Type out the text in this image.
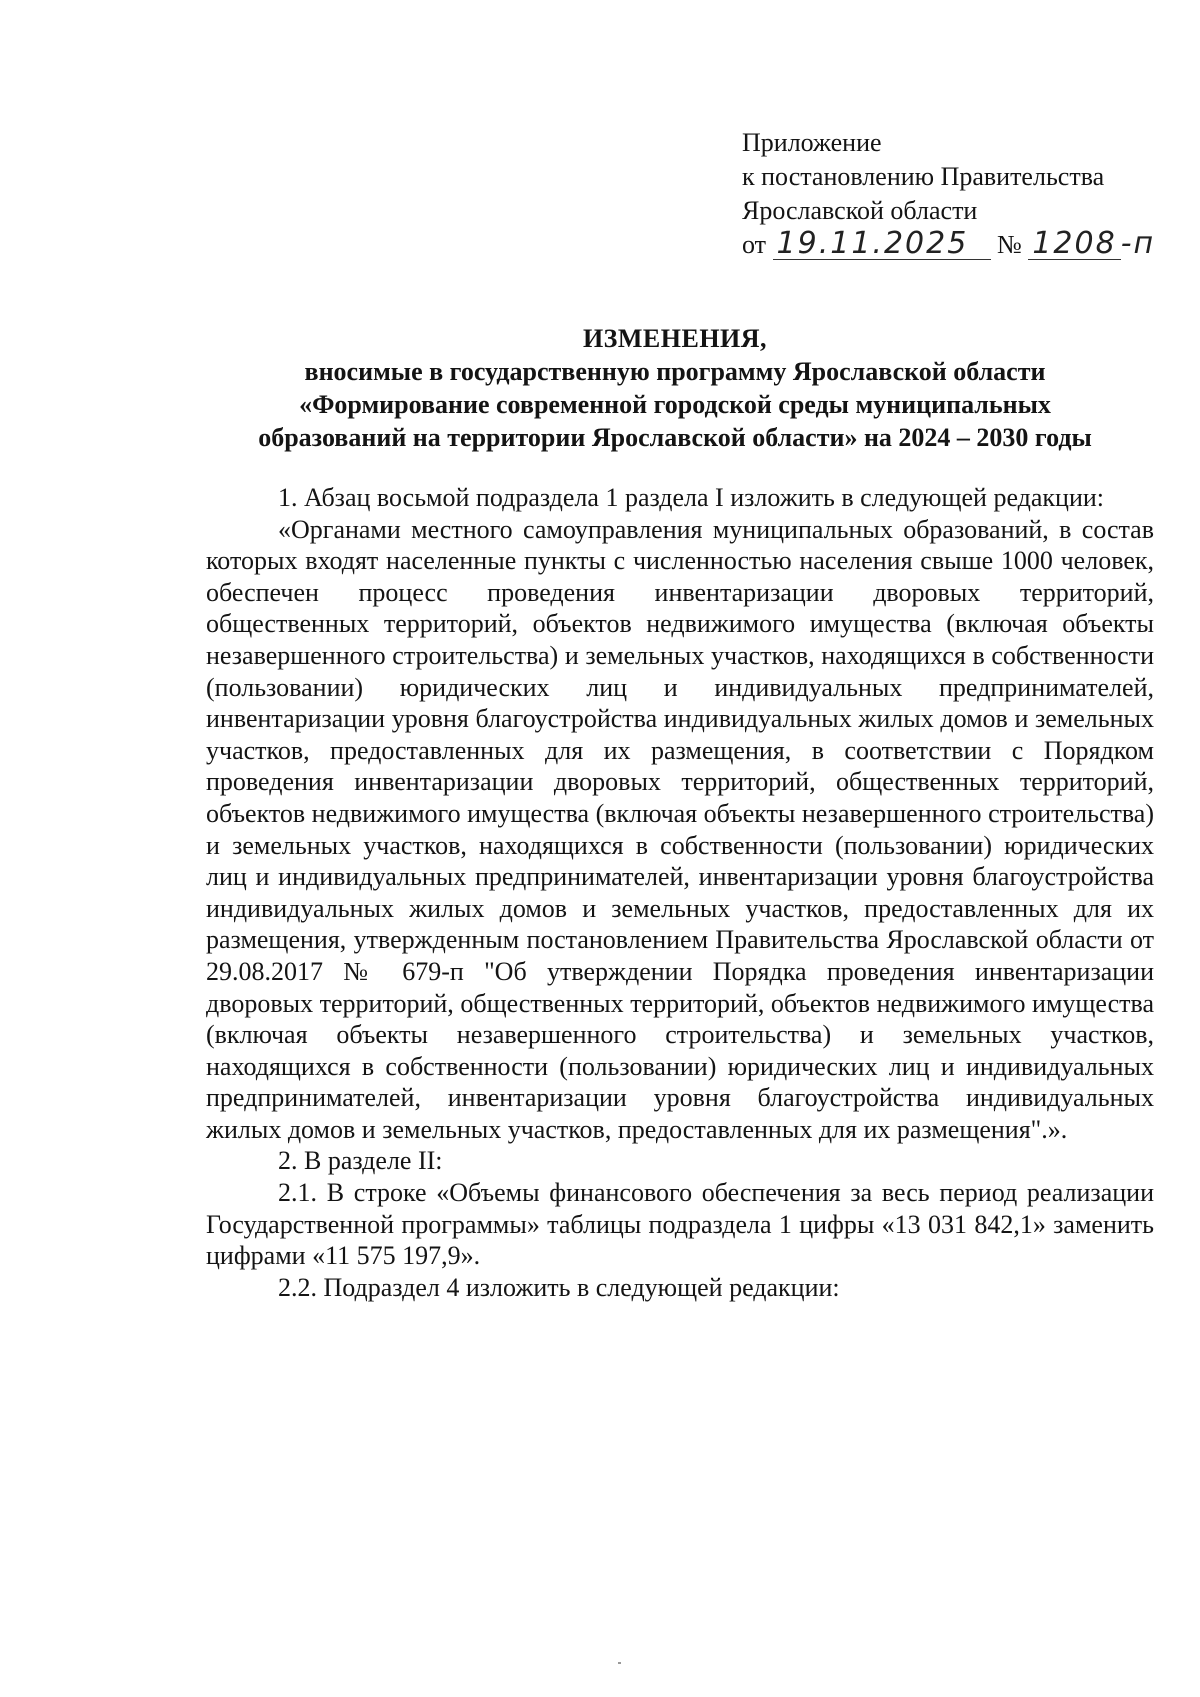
Приложение
к постановлению Правительства
Ярославской области
от 19.11.2025 № 1208 -п
ИЗМЕНЕНИЯ,
вносимые в государственную программу Ярославской области
«Формирование современной городской среды муниципальных
образований на территории Ярославской области» на 2024 – 2030 годы

1. Абзац восьмой подраздела 1 раздела I изложить в следующей редакции:

«Органами местного самоуправления муниципальных образований, в состав которых входят населенные пункты с численностью населения свыше 1000 человек, обеспечен процесс проведения инвентаризации дворовых территорий, общественных территорий, объектов недвижимого имущества (включая объекты незавершенного строительства) и земельных участков, находящихся в собственности (пользовании) юридических лиц и индивидуальных предпринимателей, инвентаризации уровня благоустройства индивидуальных жилых домов и земельных участков, предоставленных для их размещения, в соответствии с Порядком проведения инвентаризации дворовых территорий, общественных территорий, объектов недвижимого имущества (включая объекты незавершенного строительства) и земельных участков, находящихся в собственности (пользовании) юридических лиц и индивидуальных предпринимателей, инвентаризации уровня благоустройства индивидуальных жилых домов и земельных участков, предоставленных для их размещения, утвержденным постановлением Правительства Ярославской области от 29.08.2017 № 679-п "Об утверждении Порядка проведения инвентаризации дворовых территорий, общественных территорий, объектов недвижимого имущества (включая объекты незавершенного строительства) и земельных участков, находящихся в собственности (пользовании) юридических лиц и индивидуальных предпринимателей, инвентаризации уровня благоустройства индивидуальных жилых домов и земельных участков, предоставленных для их размещения".».

2. В разделе II:

2.1. В строке «Объемы финансового обеспечения за весь период реализации Государственной программы» таблицы подраздела 1 цифры «13 031 842,1» заменить цифрами «11 575 197,9».

2.2. Подраздел 4 изложить в следующей редакции:
